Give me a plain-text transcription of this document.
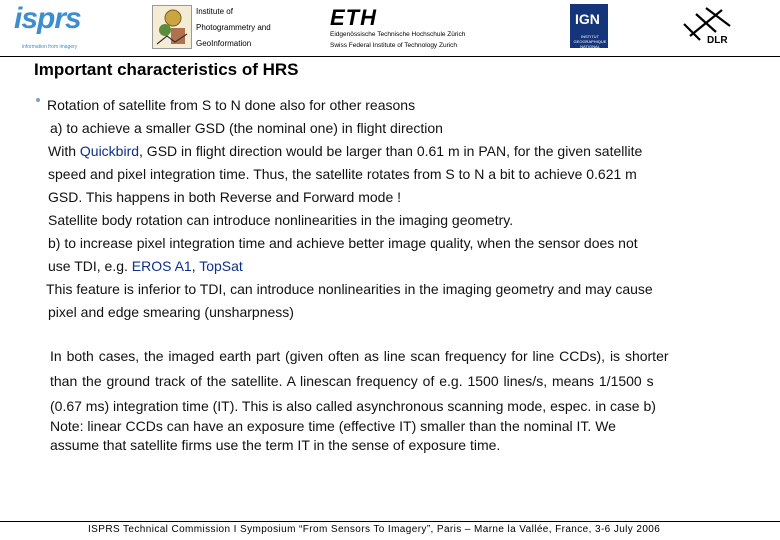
isprs
information from imagery
Institute of
Photogrammetry and
GeoInformation
ETH
Eidgenössische Technische Hochschule Zürich
Swiss Federal Institute of Technology Zurich
IGN
INSTITUT
GEOGRAPHIQUE
NATIONAL
DLR
Important characteristics of HRS
Rotation of satellite from S to N done also for other reasons
a) to achieve a smaller GSD (the nominal one) in flight direction
With Quickbird, GSD in flight direction would be larger than 0.61 m in PAN, for the given satellite
speed and pixel integration time. Thus, the satellite rotates from S to N a bit to achieve 0.621 m
GSD. This happens in both Reverse and Forward mode !
Satellite body rotation can introduce nonlinearities in the imaging geometry.
b) to increase pixel integration time and achieve better image quality, when the sensor does not
use TDI, e.g. EROS A1, TopSat
This feature is inferior to TDI, can introduce nonlinearities in the imaging geometry and may cause
pixel and edge smearing (unsharpness)
In both cases, the imaged earth part (given often as line scan frequency for line CCDs), is shorter
than the ground track of the satellite. A linescan frequency of e.g. 1500 lines/s, means 1/1500 s
(0.67 ms) integration time (IT). This is also called asynchronous scanning mode, espec. in case b)
Note: linear CCDs can have an exposure time (effective IT) smaller than the nominal IT. We
assume that satellite firms use the term IT in the sense of exposure time.
ISPRS Technical Commission I Symposium “From Sensors To Imagery”, Paris – Marne la Vallée, France, 3-6 July 2006
